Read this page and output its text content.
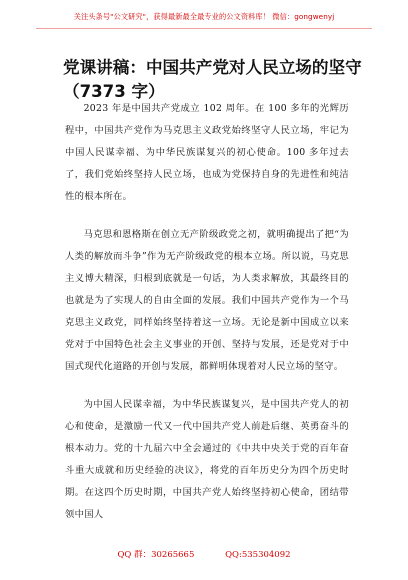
关注头条号"公文研究"，获得最新最全最专业的公文资料库！ 微信：gongwenyj
党课讲稿：中国共产党对人民立场的坚守
（7373 字）

2023 年是中国共产党成立 102 周年。在 100 多年的光辉历程中，中国共产党作为马克思主义政党始终坚守人民立场，牢记为中国人民谋幸福、为中华民族谋复兴的初心使命。100 多年过去了，我们党始终坚持人民立场，也成为党保持自身的先进性和纯洁性的根本所在。

马克思和恩格斯在创立无产阶级政党之初，就明确提出了把“为人类的解放而斗争”作为无产阶级政党的根本立场。所以说，马克思主义博大精深，归根到底就是一句话，为人类求解放，其最终目的也就是为了实现人的自由全面的发展。我们中国共产党作为一个马克思主义政党，同样始终坚持着这一立场。无论是新中国成立以来党对于中国特色社会主义事业的开创、坚持与发展，还是党对于中国式现代化道路的开创与发展，都鲜明体现着对人民立场的坚守。

为中国人民谋幸福，为中华民族谋复兴，是中国共产党人的初心和使命，是激励一代又一代中国共产党人前赴后继、英勇奋斗的根本动力。党的十九届六中全会通过的《中共中央关于党的百年奋斗重大成就和历史经验的决议》，将党的百年历史分为四个历史时期。在这四个历史时期，中国共产党人始终坚持初心使命，团结带领中国人

QQ 群：30265665	QQ:535304092
